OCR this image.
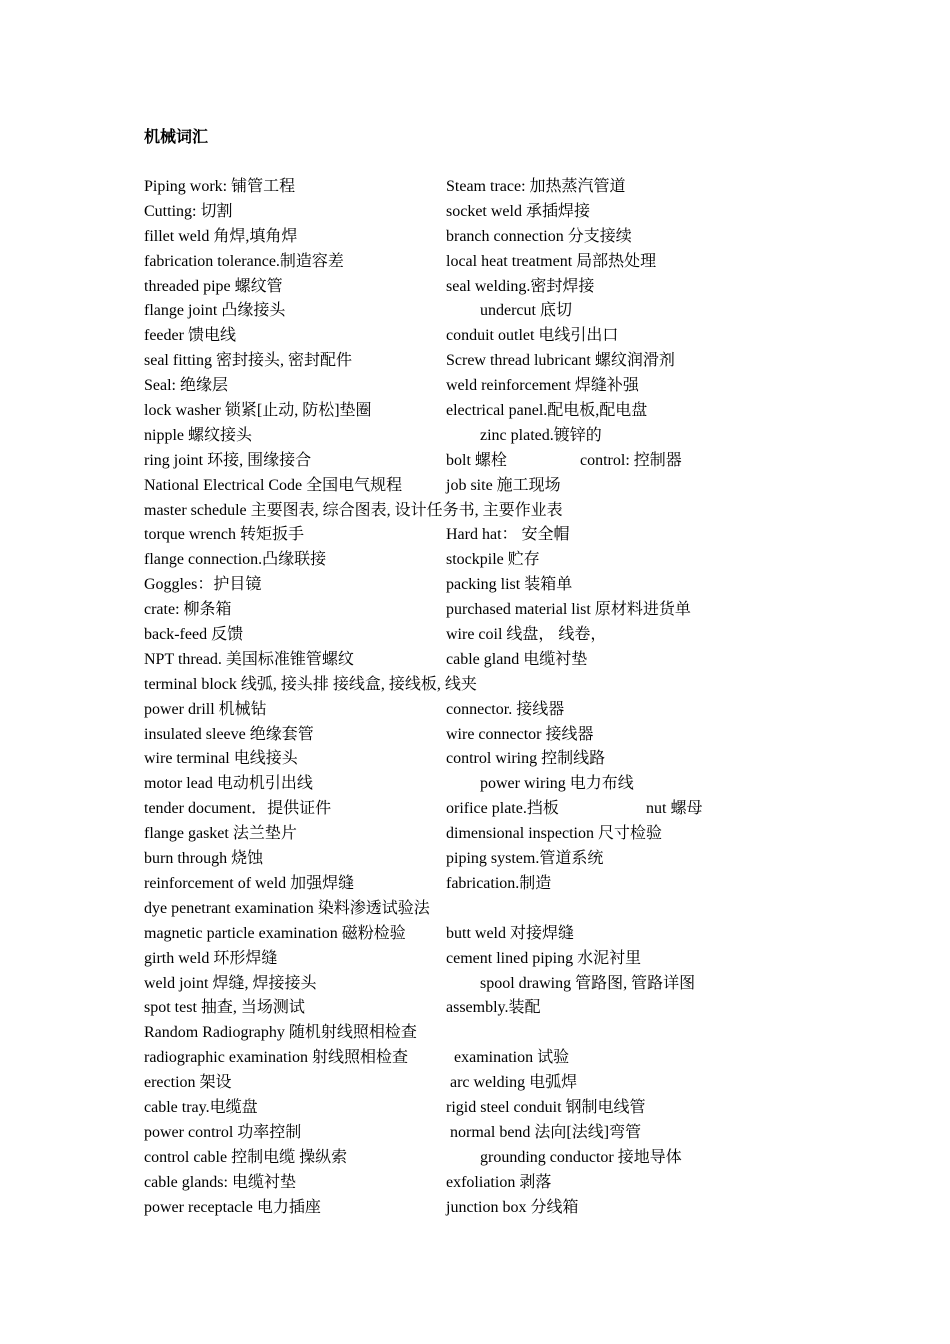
机械词汇
Piping work: 铺管工程	Steam trace: 加热蒸汽管道
Cutting: 切割	socket weld 承插焊接
fillet weld 角焊,填角焊	branch connection 分支接续
fabrication tolerance.制造容差	local heat treatment 局部热处理
threaded pipe 螺纹管	seal welding.密封焊接
flange joint 凸缘接头	undercut 底切
feeder 馈电线	conduit outlet 电线引出口
seal fitting 密封接头, 密封配件	Screw thread lubricant 螺纹润滑剂
Seal: 绝缘层	weld reinforcement 焊缝补强
lock washer 锁紧[止动, 防松]垫圈	electrical panel.配电板,配电盘
nipple 螺纹接头	zinc plated.镀锌的
ring joint 环接, 围缘接合	bolt 螺栓	control: 控制器
National Electrical Code 全国电气规程	job site 施工现场
master schedule 主要图表, 综合图表, 设计任务书, 主要作业表
torque wrench 转矩扳手	Hard hat： 安全帽
flange connection.凸缘联接	stockpile 贮存
Goggles：护目镜	packing list 装箱单
crate: 柳条箱	purchased material list 原材料进货单
back-feed 反馈	wire coil 线盘， 线卷，
NPT thread. 美国标准锥管螺纹	cable gland 电缆衬垫
terminal block 线弧, 接头排 接线盒, 接线板, 线夹
power drill 机械钻	connector. 接线器
insulated sleeve 绝缘套管	wire connector 接线器
wire terminal 电线接头	control wiring 控制线路
motor lead 电动机引出线	power wiring 电力布线
tender document．提供证件	orifice plate.挡板	nut 螺母
flange gasket 法兰垫片	dimensional inspection 尺寸检验
burn through 烧蚀	piping system.管道系统
reinforcement of weld 加强焊缝	fabrication.制造
dye penetrant examination 染料渗透试验法
magnetic particle examination 磁粉检验	butt weld 对接焊缝
girth weld 环形焊缝	cement lined piping 水泥衬里
weld joint 焊缝, 焊接接头	spool drawing 管路图, 管路详图
spot test 抽查, 当场测试	assembly.装配
Random Radiography 随机射线照相检查
radiographic examination 射线照相检查	examination 试验
erection 架设	arc welding 电弧焊
cable tray.电缆盘	rigid steel conduit 钢制电线管
power control 功率控制	normal bend 法向[法线]弯管
control cable 控制电缆 操纵索	grounding conductor 接地导体
cable glands: 电缆衬垫	exfoliation 剥落
power receptacle 电力插座	junction box 分线箱
